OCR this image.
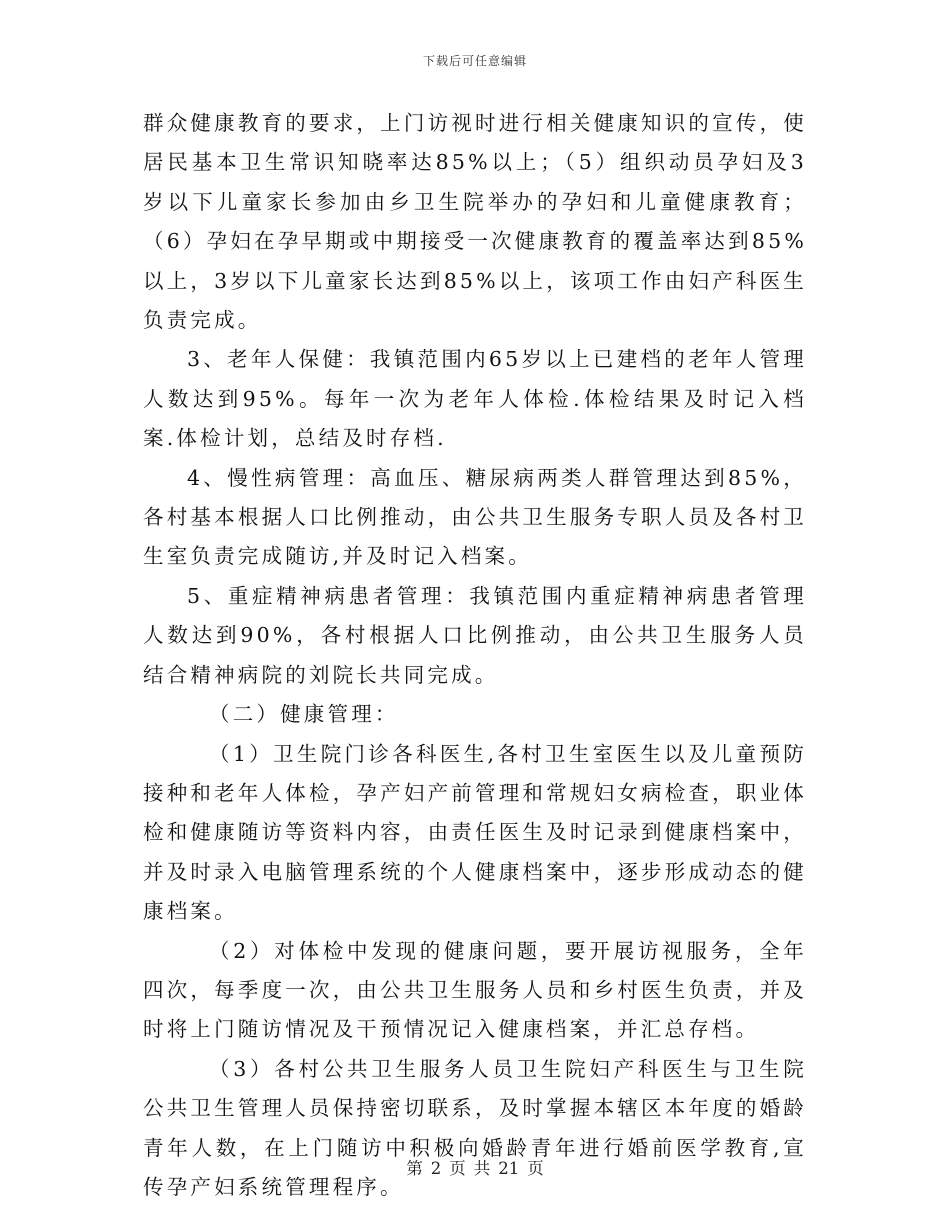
下载后可任意编辑

群众健康教育的要求，上门访视时进行相关健康知识的宣传，使居民基本卫生常识知晓率达85%以上；（5）组织动员孕妇及3岁以下儿童家长参加由乡卫生院举办的孕妇和儿童健康教育；（6）孕妇在孕早期或中期接受一次健康教育的覆盖率达到85%以上，3岁以下儿童家长达到85%以上，该项工作由妇产科医生负责完成。

3、老年人保健：我镇范围内65岁以上已建档的老年人管理人数达到95%。每年一次为老年人体检.体检结果及时记入档案.体检计划，总结及时存档.

4、慢性病管理：高血压、糖尿病两类人群管理达到85%，各村基本根据人口比例推动，由公共卫生服务专职人员及各村卫生室负责完成随访,并及时记入档案。

5、重症精神病患者管理：我镇范围内重症精神病患者管理人数达到90%，各村根据人口比例推动，由公共卫生服务人员结合精神病院的刘院长共同完成。

（二）健康管理：

（1）卫生院门诊各科医生,各村卫生室医生以及儿童预防接种和老年人体检，孕产妇产前管理和常规妇女病检查，职业体检和健康随访等资料内容，由责任医生及时记录到健康档案中，并及时录入电脑管理系统的个人健康档案中，逐步形成动态的健康档案。

（2）对体检中发现的健康问题，要开展访视服务，全年四次，每季度一次，由公共卫生服务人员和乡村医生负责，并及时将上门随访情况及干预情况记入健康档案，并汇总存档。

（3）各村公共卫生服务人员卫生院妇产科医生与卫生院公共卫生管理人员保持密切联系，及时掌握本辖区本年度的婚龄青年人数，在上门随访中积极向婚龄青年进行婚前医学教育,宣传孕产妇系统管理程序。

第 2 页 共 21 页
